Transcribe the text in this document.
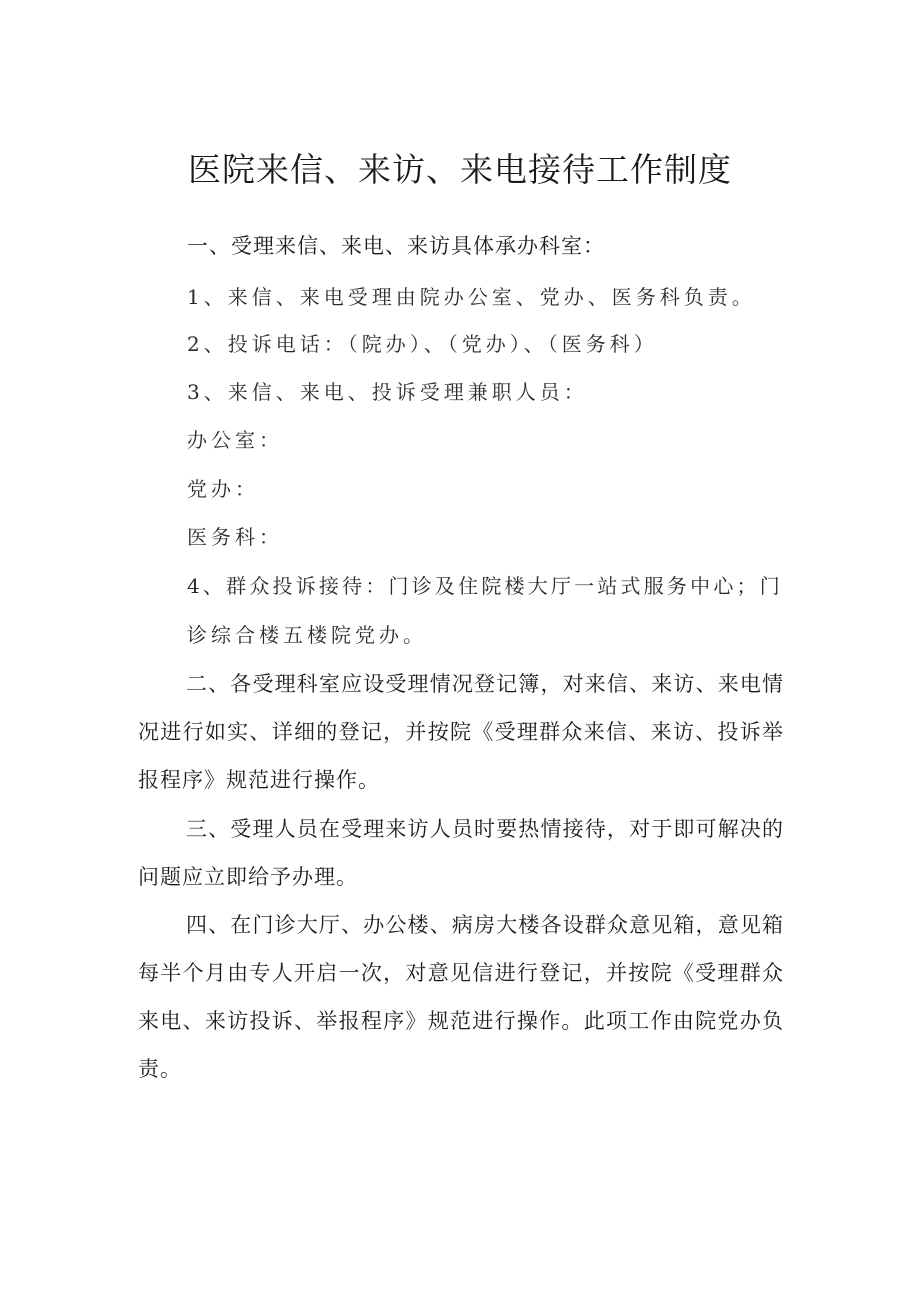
医院来信、来访、来电接待工作制度
一、受理来信、来电、来访具体承办科室：
1、来信、来电受理由院办公室、党办、医务科负责。
2、投诉电话：（院办）、（党办）、（医务科）
3、来信、来电、投诉受理兼职人员：
办公室：
党办：
医务科：
4、群众投诉接待：门诊及住院楼大厅一站式服务中心；门
诊综合楼五楼院党办。
二、各受理科室应设受理情况登记簿，对来信、来访、来电情况进行如实、详细的登记，并按院《受理群众来信、来访、投诉举报程序》规范进行操作。
三、受理人员在受理来访人员时要热情接待，对于即可解决的问题应立即给予办理。
四、在门诊大厅、办公楼、病房大楼各设群众意见箱，意见箱每半个月由专人开启一次，对意见信进行登记，并按院《受理群众来电、来访投诉、举报程序》规范进行操作。此项工作由院党办负责。
